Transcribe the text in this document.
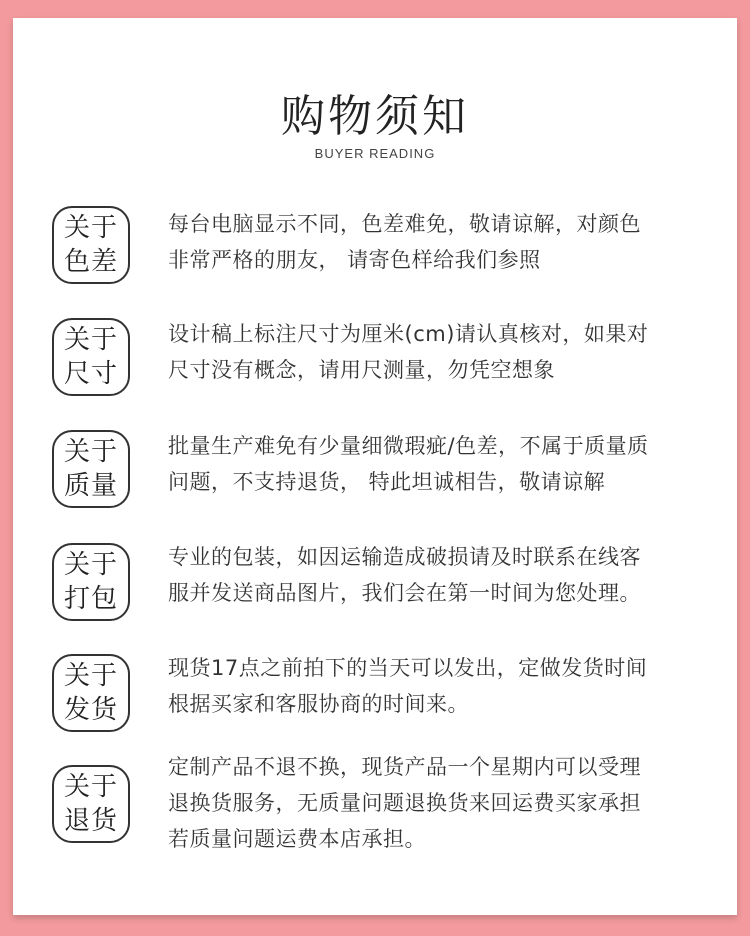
购物须知
BUYER READING
关于
色差
每台电脑显示不同，色差难免，敬请谅解，对颜色
非常严格的朋友， 请寄色样给我们参照
关于
尺寸
设计稿上标注尺寸为厘米(cm)请认真核对，如果对
尺寸没有概念，请用尺测量，勿凭空想象
关于
质量
批量生产难免有少量细微瑕疵/色差，不属于质量质
问题，不支持退货， 特此坦诚相告，敬请谅解
关于
打包
专业的包装，如因运输造成破损请及时联系在线客
服并发送商品图片，我们会在第一时间为您处理。
关于
发货
现货17点之前拍下的当天可以发出，定做发货时间
根据买家和客服协商的时间来。
关于
退货
定制产品不退不换，现货产品一个星期内可以受理
退换货服务，无质量问题退换货来回运费买家承担
若质量问题运费本店承担。
